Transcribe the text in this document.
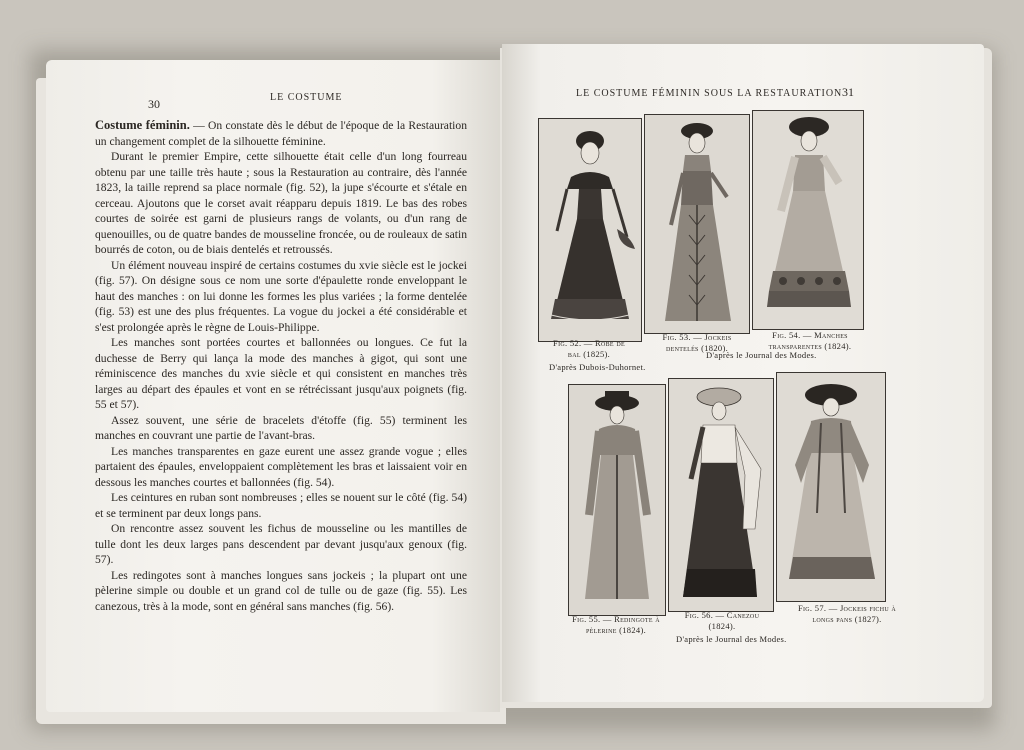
30	LE COSTUME

Costume féminin. — On constate dès le début de l'époque de la Restauration un changement complet de la silhouette féminine.

Durant le premier Empire, cette silhouette était celle d'un long fourreau obtenu par une taille très haute ; sous la Restauration au contraire, dès l'année 1823, la taille reprend sa place normale (fig. 52), la jupe s'écourte et s'étale en cerceau. Ajoutons que le corset avait réapparu depuis 1819. Le bas des robes courtes de soirée est garni de plusieurs rangs de volants, ou d'un rang de quenouilles, ou de quatre bandes de mousseline froncée, ou de rouleaux de satin bourrés de coton, ou de biais dentelés et retroussés.

Un élément nouveau inspiré de certains costumes du xvie siècle est le jockei (fig. 57). On désigne sous ce nom une sorte d'épaulette ronde enveloppant le haut des manches : on lui donne les formes les plus variées ; la forme dentelée (fig. 53) est une des plus fréquentes. La vogue du jockei a été considérable et s'est prolongée après le règne de Louis-Philippe.

Les manches sont portées courtes et ballonnées ou longues. Ce fut la duchesse de Berry qui lança la mode des manches à gigot, qui sont une réminiscence des manches du xvie siècle et qui consistent en manches très larges au départ des épaules et vont en se rétrécissant jusqu'aux poignets (fig. 55 et 57).

Assez souvent, une série de bracelets d'étoffe (fig. 55) terminent les manches en couvrant une partie de l'avant-bras.

Les manches transparentes en gaze eurent une assez grande vogue ; elles partaient des épaules, enveloppaient complètement les bras et laissaient voir en dessous les manches courtes et ballonnées (fig. 54).

Les ceintures en ruban sont nombreuses ; elles se nouent sur le côté (fig. 54) et se terminent par deux longs pans.

On rencontre assez souvent les fichus de mousseline ou les mantilles de tulle dont les deux larges pans descendent par devant jusqu'aux genoux (fig. 57).

Les redingotes sont à manches longues sans jockeis ; la plupart ont une pèlerine simple ou double et un grand col de tulle ou de gaze (fig. 55). Les canezous, très à la mode, sont en général sans manches (fig. 56).

31
LE COSTUME FÉMININ SOUS LA RESTAURATION
Fig. 52. — Robe de bal (1825).
Fig. 53. — Jockeis dentelés (1820).
Fig. 54. — Manches transparentes (1824).
D'après Dubois-Duhornet.
D'après le Journal des Modes.
Fig. 55. — Redingote à pèlerine (1824).
Fig. 56. — Canezou (1824).
Fig. 57. — Jockeis fichu à longs pans (1827).
D'après le Journal des Modes.
